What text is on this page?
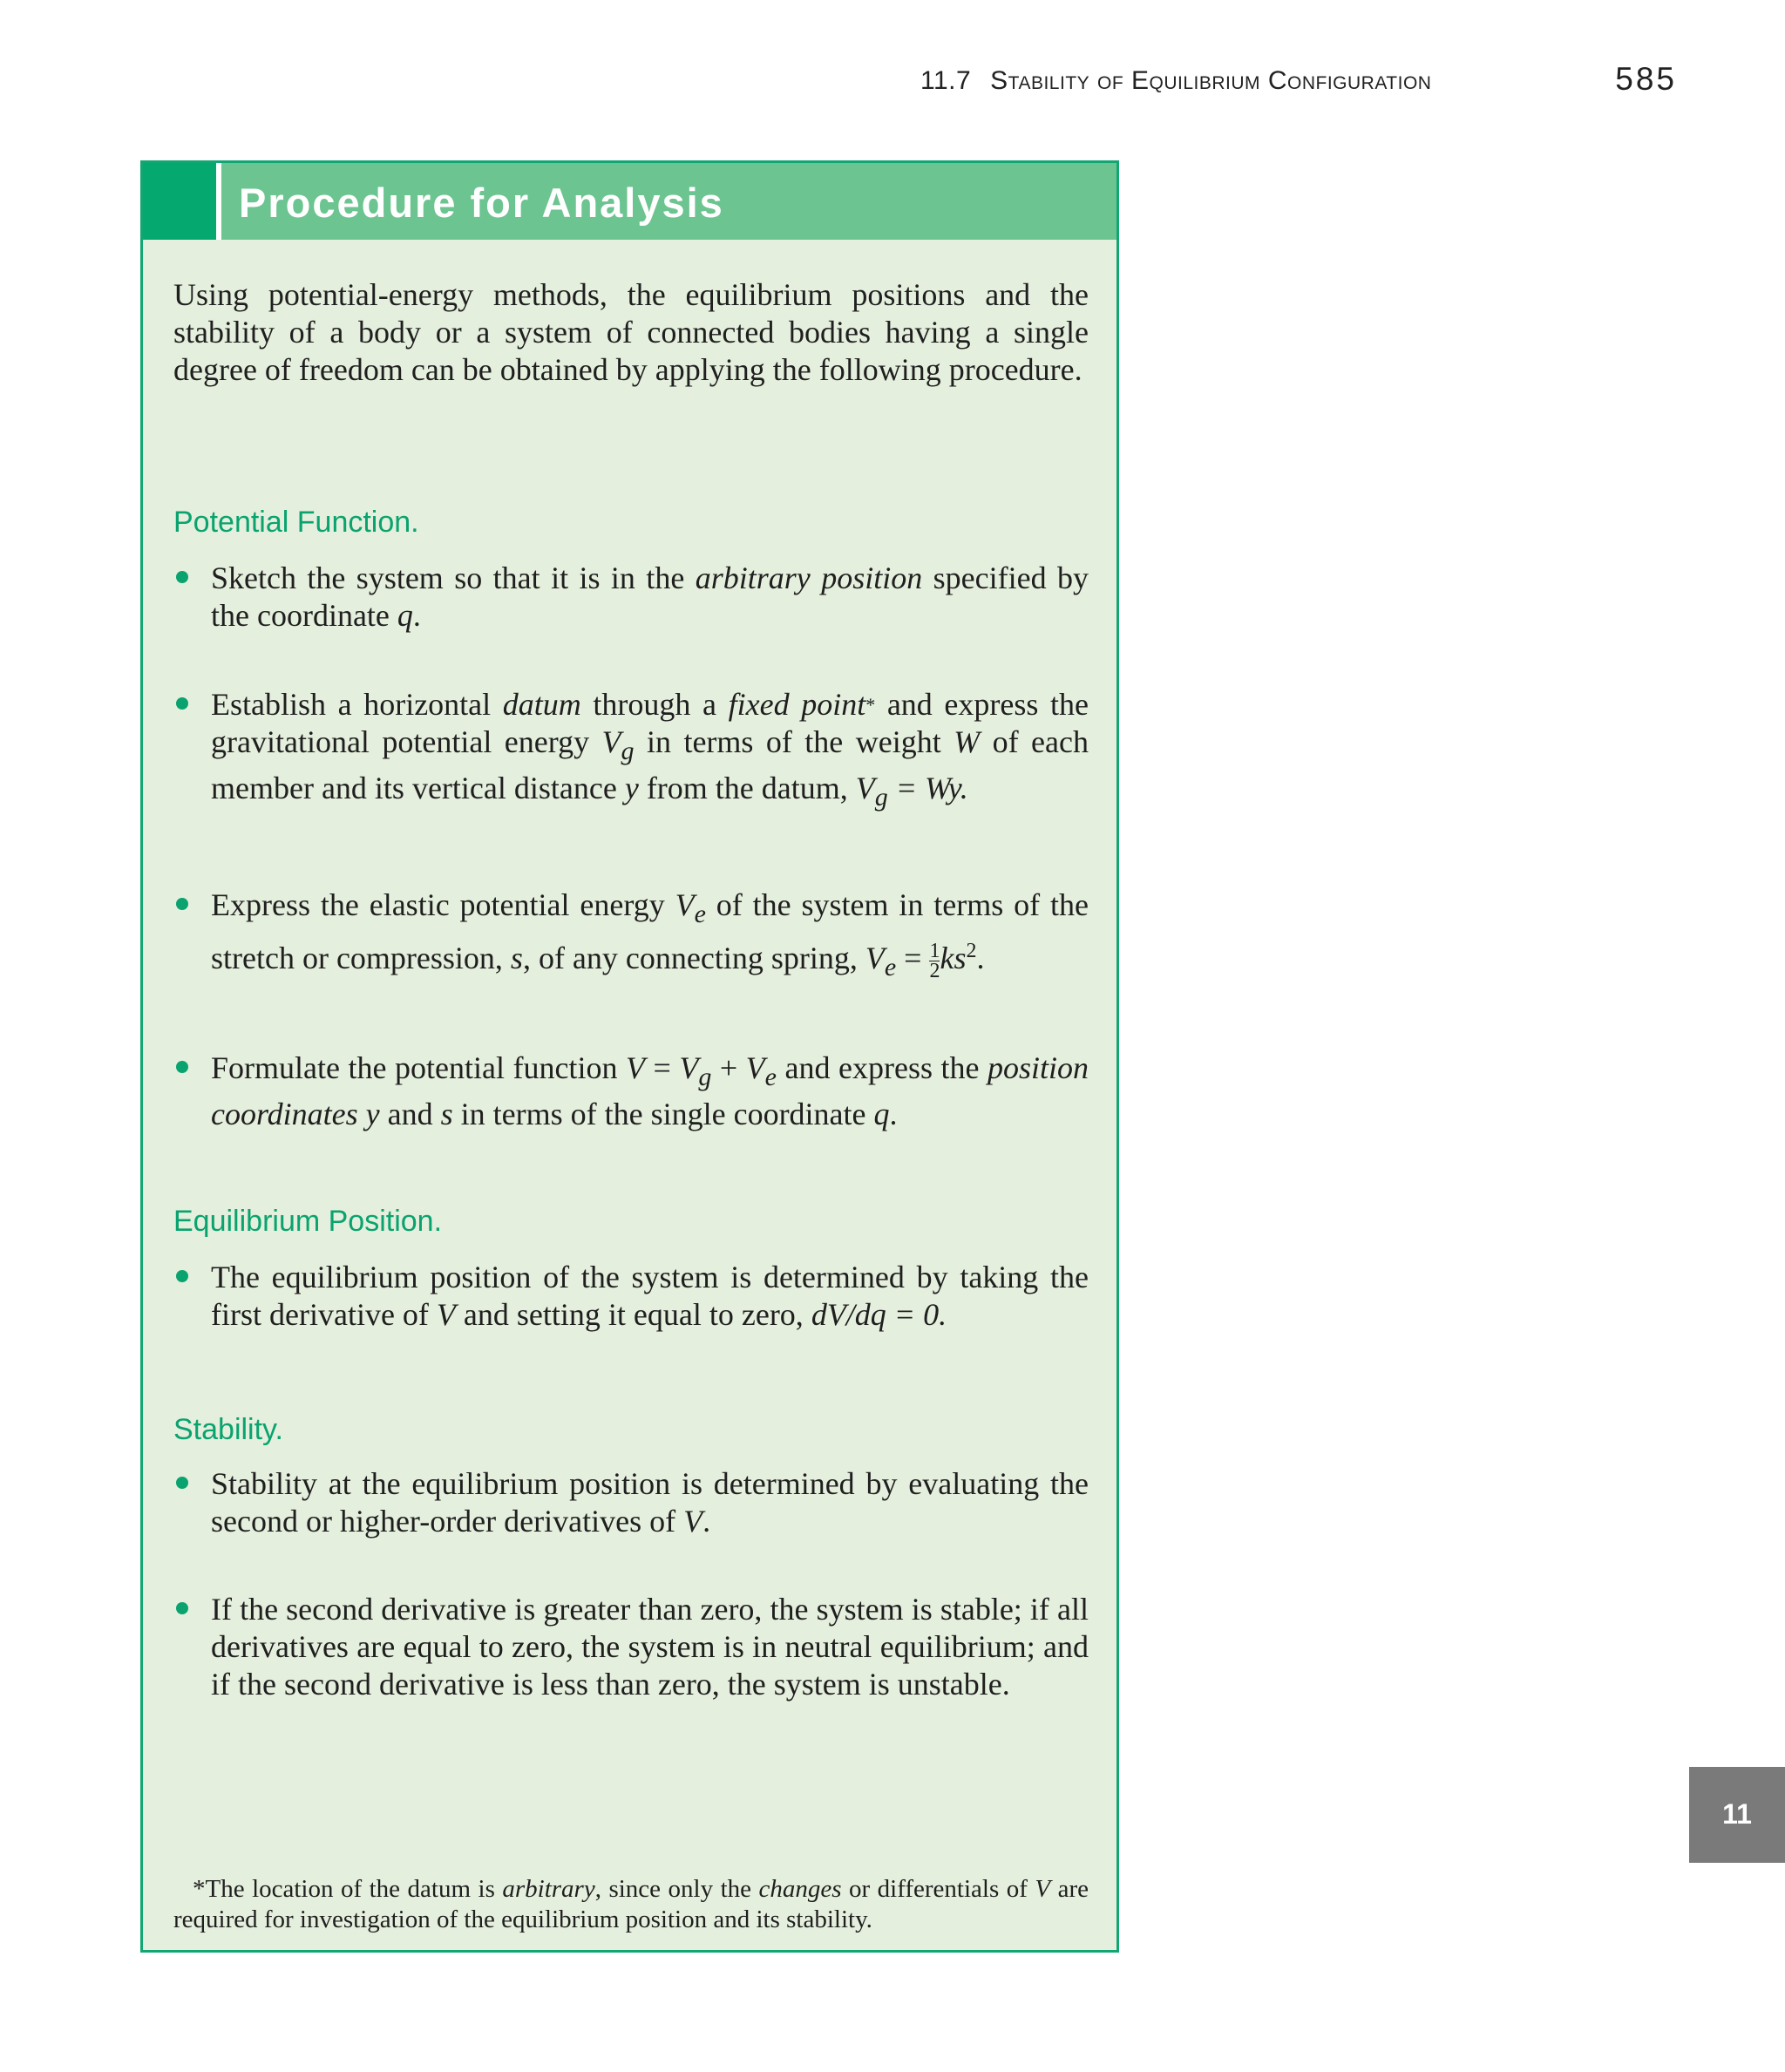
11.7 Stability of Equilibrium Configuration	585
Procedure for Analysis
Using potential-energy methods, the equilibrium positions and the stability of a body or a system of connected bodies having a single degree of freedom can be obtained by applying the following procedure.
Potential Function.
Sketch the system so that it is in the arbitrary position specified by the coordinate q.
Establish a horizontal datum through a fixed point* and express the gravitational potential energy $V_g$ in terms of the weight W of each member and its vertical distance y from the datum, $V_g = Wy$.
Express the elastic potential energy $V_e$ of the system in terms of the stretch or compression, s, of any connecting spring, $V_e = \frac{1}{2} ks^2$.
Formulate the potential function $V = V_g + V_e$ and express the position coordinates y and s in terms of the single coordinate q.
Equilibrium Position.
The equilibrium position of the system is determined by taking the first derivative of V and setting it equal to zero, dV/dq = 0.
Stability.
Stability at the equilibrium position is determined by evaluating the second or higher-order derivatives of V.
If the second derivative is greater than zero, the system is stable; if all derivatives are equal to zero, the system is in neutral equilibrium; and if the second derivative is less than zero, the system is unstable.
*The location of the datum is arbitrary, since only the changes or differentials of V are required for investigation of the equilibrium position and its stability.
11
